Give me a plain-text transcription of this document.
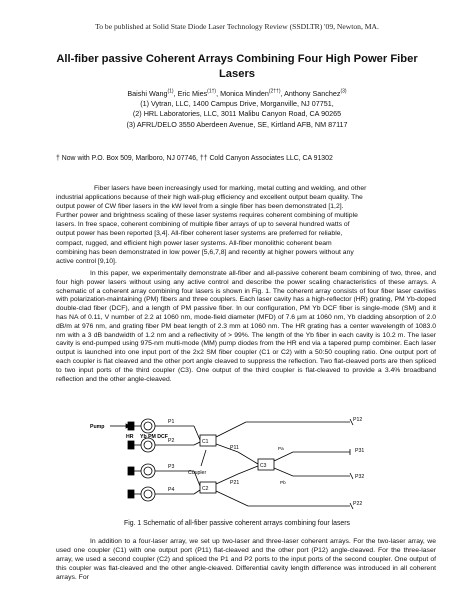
To be published at Solid State Diode Laser Technology Review (SSDLTR) '09, Newton, MA.
All-fiber passive Coherent Arrays Combining Four High Power Fiber
Lasers
Baishi Wang$^{(1)}$, Eric Mies$^{(1\dagger)}$, Monica Minden$^{(2\dagger\dagger)}$, Anthony Sanchez$^{(3)}$
(1) Vytran, LLC, 1400 Campus Drive, Morganville, NJ 07751,
(2) HRL Laboratories, LLC, 3011 Malibu Canyon Road, CA 90265
(3) AFRL/DELO 3550 Aberdeen Avenue, SE, Kirtland AFB, NM 87117
† Now with P.O. Box 509, Marlboro, NJ 07746, †† Cold Canyon Associates LLC, CA 91302
Fiber lasers have been increasingly used for marking, metal cutting and welding, and other
industrial applications because of their high wall-plug efficiency and excellent output beam quality. The
output power of CW fiber lasers in the kW level from a single fiber has been demonstrated [1,2].
Further power and brightness scaling of these laser systems requires coherent combining of multiple
lasers. In free space, coherent combining of multiple fiber arrays of up to several hundred watts of
output power has been reported [3,4]. All-fiber coherent laser systems are preferred for reliable,
compact, rugged, and efficient high power laser systems. All-fiber monolithic coherent beam
combining has been demonstrated in low power [5,6,7,8] and recently at higher powers without any
active control [9,10].
In this paper, we experimentally demonstrate all-fiber and all-passive coherent beam combining of two, three, and four high power lasers without using any active control and describe the power scaling characteristics of these arrays. A schematic of a coherent array combining four lasers is shown in Fig. 1. The coherent array consists of four fiber laser cavities with polarization-maintaining (PM) fibers and three couplers. Each laser cavity has a high-reflector (HR) grating, PM Yb-doped double-clad fiber (DCF), and a length of PM passive fiber. In our configuration, PM Yb DCF fiber is single-mode (SM) and it has NA of 0.11, V number of 2.2 at 1060 nm, mode-field diameter (MFD) of 7.6 µm at 1060 nm, Yb cladding absorption of 2.0 dB/m at 976 nm, and grating fiber PM beat length of 2.3 mm at 1060 nm. The HR grating has a center wavelength of 1083.0 nm with a 3 dB bandwidth of 1.2 nm and a reflectivity of > 99%. The length of the Yb fiber in each cavity is 10.2 m. The laser cavity is end-pumped using 975-nm multi-mode (MM) pump diodes from the HR end via a tapered pump combiner. Each laser output is launched into one input port of the 2x2 SM fiber coupler (C1 or C2) with a 50:50 coupling ratio. One output port of each coupler is flat cleaved and the other port angle cleaved to suppress the reflection. Two flat-cleaved ports are then spliced to two input ports of the third coupler (C3). One output of the third coupler is flat-cleaved to provide a 3.4% broadband reflection and the other angle-cleaved.
Pump
HR Yb PM DCF
P1
P2
P3
P4
C1
C2
C3
Coupler
P11
P12
P21
P22
P31
P32
Pa
Pb
Fig. 1 Schematic of all-fiber passive coherent arrays combining four lasers
In addition to a four-laser array, we set up two-laser and three-laser coherent arrays. For the two-laser array, we used one coupler (C1) with one output port (P11) flat-cleaved and the other port (P12) angle-cleaved. For the three-laser array, we used a second coupler (C2) and spliced the P1 and P2 ports to the input ports of the second coupler. One output of this coupler was flat-cleaved and the other angle-cleaved. Differential cavity length difference was introduced in all coherent arrays. For
